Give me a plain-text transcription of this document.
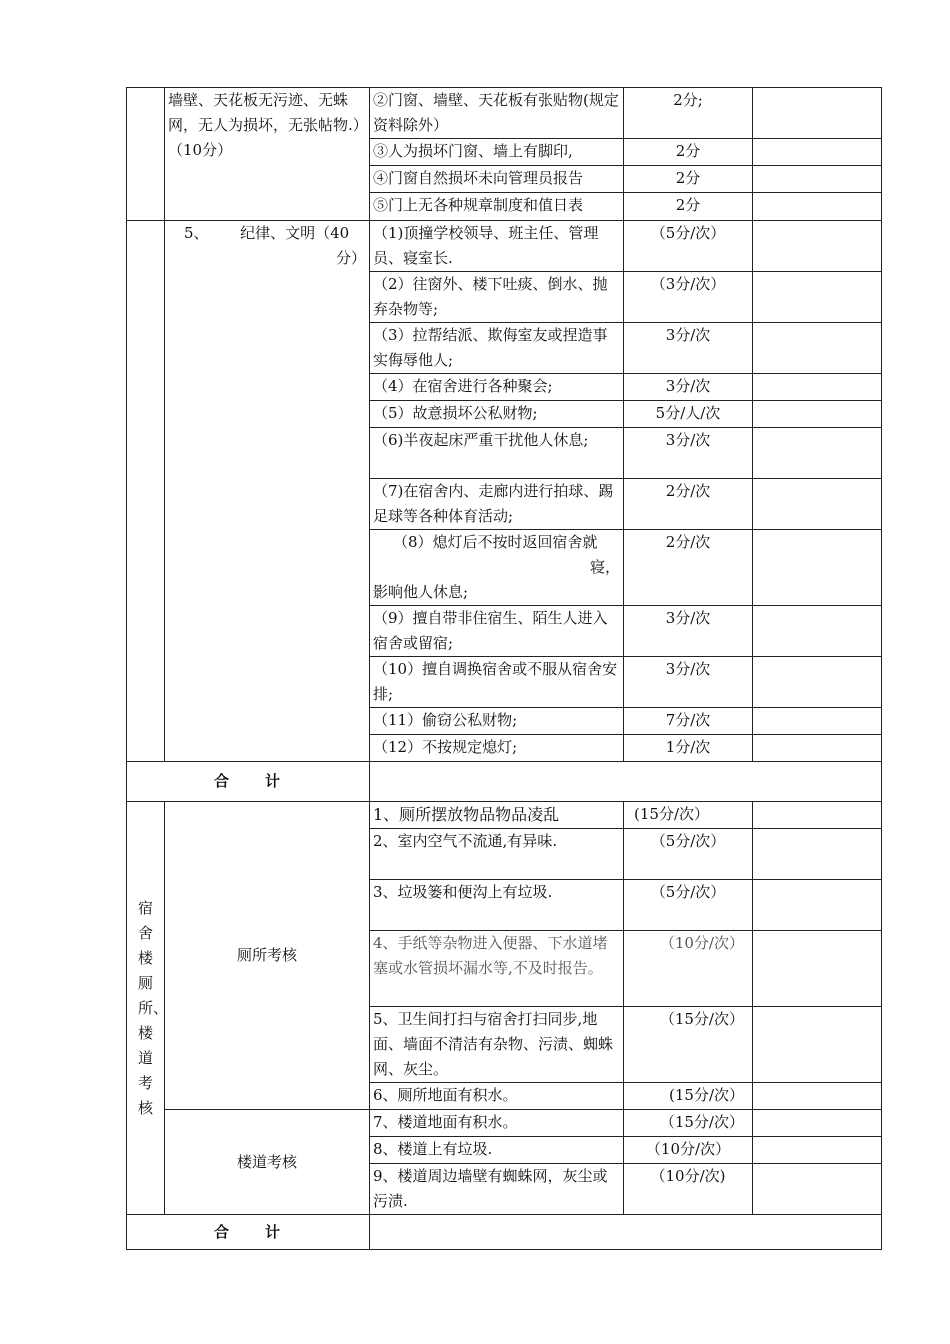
	墙壁、天花板无污迹、无蛛网，无人为损坏，无张帖物.）（10分）	②门窗、墙壁、天花板有张贴物(规定资料除外）	2分;	
		③人为损坏门窗、墙上有脚印,	2分	
		④门窗自然损坏未向管理员报告	2分	
		⑤门上无各种规章制度和值日表	2分	

	5、 纪律、文明（40
分）	（1)顶撞学校领导、班主任、管理员、寝室长.	（5分/次）	
		（2）往窗外、楼下吐痰、倒水、抛弃杂物等;	（3分/次）	
		（3）拉帮结派、欺侮室友或捏造事实侮辱他人;	3分/次	
		（4）在宿舍进行各种聚会;	3分/次	
		（5）故意损坏公私财物;	5分/人/次	
		（6)半夜起床严重干扰他人休息;	3分/次	
		（7)在宿舍内、走廊内进行拍球、踢足球等各种体育活动;	2分/次	

		（8）熄灯后不按时返回宿舍就
寝，
影响他人休息;	2分/次	
		（9）擅自带非住宿生、陌生人进入宿舍或留宿;	3分/次	
		（10）擅自调换宿舍或不服从宿舍安排;	3分/次	
		（11）偷窃公私财物;	7分/次	
		（12）不按规定熄灯;	1分/次	
合 计				

宿舍楼厕所、楼道考核	厕所考核	1、厕所摆放物品物品凌乱	(15分/次）	
		2、室内空气不流通,有异味.	（5分/次）	
		3、垃圾篓和便沟上有垃圾.	（5分/次）	
		4、手纸等杂物进入便器、下水道堵塞或水管损坏漏水等,不及时报告。	（10分/次）	
		5、卫生间打扫与宿舍打扫同步,地面、墙面不清洁有杂物、污渍、蜘蛛网、灰尘。	（15分/次）	
		6、厕所地面有积水。	(15分/次）	
	楼道考核	7、楼道地面有积水。	（15分/次）	
		8、楼道上有垃圾.	（10分/次）	
		9、楼道周边墙壁有蜘蛛网，灰尘或污渍.	（10分/次)	
合 计				
